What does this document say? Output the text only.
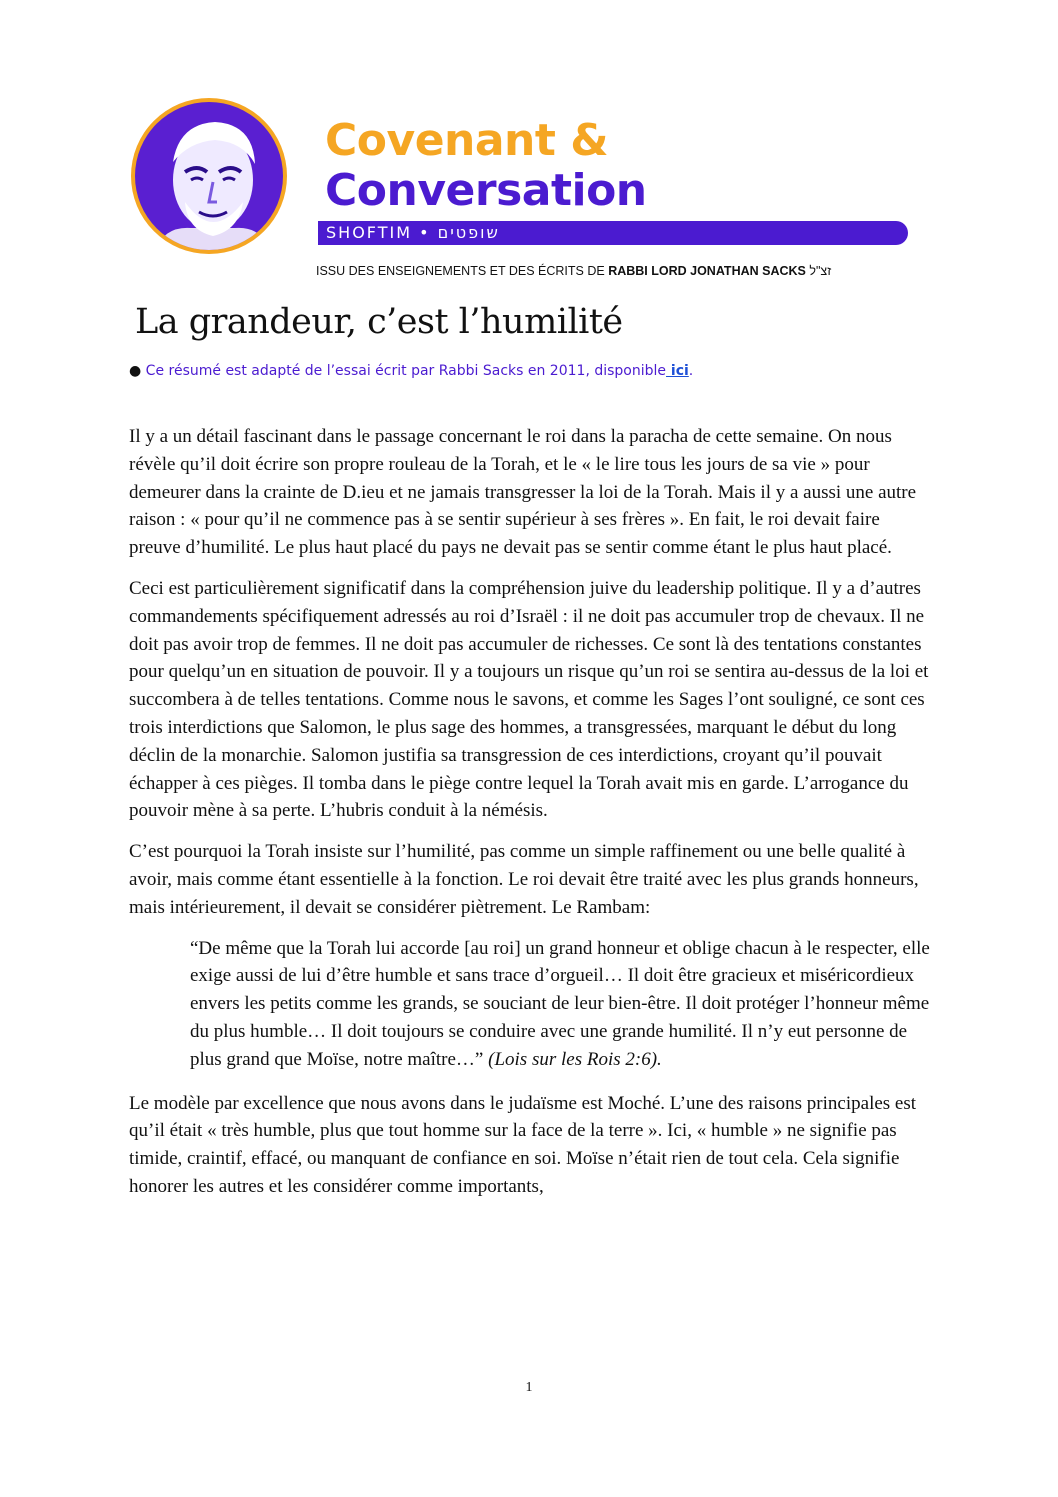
Covenant &
Conversation
SHOFTIM • שופטים
ISSU DES ENSEIGNEMENTS ET DES ÉCRITS DE RABBI LORD JONATHAN SACKS זצ"ל
La grandeur, c’est l’humilité
● Ce résumé est adapté de l’essai écrit par Rabbi Sacks en 2011, disponible ici.

Il y a un détail fascinant dans le passage concernant le roi dans la paracha de cette semaine. On nous révèle qu’il doit écrire son propre rouleau de la Torah, et le « le lire tous les jours de sa vie » pour demeurer dans la crainte de D.ieu et ne jamais transgresser la loi de la Torah. Mais il y a aussi une autre raison : « pour qu’il ne commence pas à se sentir supérieur à ses frères ». En fait, le roi devait faire preuve d’humilité. Le plus haut placé du pays ne devait pas se sentir comme étant le plus haut placé.

Ceci est particulièrement significatif dans la compréhension juive du leadership politique. Il y a d’autres commandements spécifiquement adressés au roi d’Israël : il ne doit pas accumuler trop de chevaux. Il ne doit pas avoir trop de femmes. Il ne doit pas accumuler de richesses. Ce sont là des tentations constantes pour quelqu’un en situation de pouvoir. Il y a toujours un risque qu’un roi se sentira au-dessus de la loi et succombera à de telles tentations. Comme nous le savons, et comme les Sages l’ont souligné, ce sont ces trois interdictions que Salomon, le plus sage des hommes, a transgressées, marquant le début du long déclin de la monarchie. Salomon justifia sa transgression de ces interdictions, croyant qu’il pouvait échapper à ces pièges. Il tomba dans le piège contre lequel la Torah avait mis en garde. L’arrogance du pouvoir mène à sa perte. L’hubris conduit à la némésis.

C’est pourquoi la Torah insiste sur l’humilité, pas comme un simple raffinement ou une belle qualité à avoir, mais comme étant essentielle à la fonction. Le roi devait être traité avec les plus grands honneurs, mais intérieurement, il devait se considérer piètrement. Le Rambam:

“De même que la Torah lui accorde [au roi] un grand honneur et oblige chacun à le respecter, elle exige aussi de lui d’être humble et sans trace d’orgueil… Il doit être gracieux et miséricordieux envers les petits comme les grands, se souciant de leur bien-être. Il doit protéger l’honneur même du plus humble… Il doit toujours se conduire avec une grande humilité. Il n’y eut personne de plus grand que Moïse, notre maître…” (Lois sur les Rois 2:6).

Le modèle par excellence que nous avons dans le judaïsme est Moché. L’une des raisons principales est qu’il était « très humble, plus que tout homme sur la face de la terre ». Ici, « humble » ne signifie pas timide, craintif, effacé, ou manquant de confiance en soi. Moïse n’était rien de tout cela. Cela signifie honorer les autres et les considérer comme importants,

1
